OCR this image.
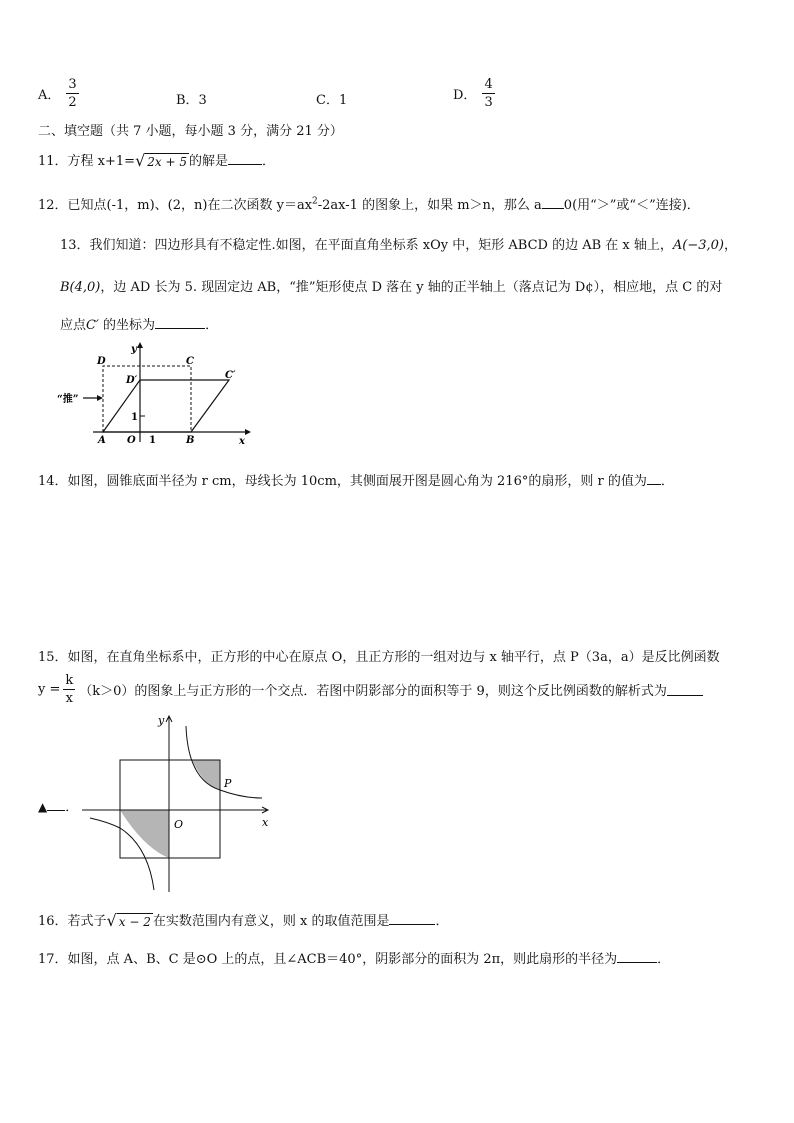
A． $\frac{3}{2}$	B．3	C．1	D． $\frac{4}{3}$
二、填空题（共 7 小题，每小题 3 分，满分 21 分）
11．方程 x+1= √ 2x + 5 的解是	．
12．已知点(-1，m)、(2，n)在二次函数 $y=ax^2-2ax-1$ 的图象上，如果 m＞n，那么 a 0(用“＞”或“＜”连接)．
13．我们知道：四边形具有不稳定性.如图，在平面直角坐标系 xOy 中，矩形 ABCD 的边 AB 在 x 轴上，A(−3,0)，
B(4,0)，边 AD 长为 5. 现固定边 AB，“推”矩形使点 D 落在 y 轴的正半轴上（落点记为 D¢），相应地，点 C 的对
应点C′ 的坐标为	．
“推”
D	C
D′	C′
y
x
A O 1	B
1
14．如图，圆锥底面半径为 r cm，母线长为 10cm，其侧面展开图是圆心角为 216°的扇形，则 r 的值为 ．
15．如图，在直角坐标系中，正方形的中心在原点 O，且正方形的一组对边与 x 轴平行，点 P（3a，a）是反比例函数
$y = \frac{k}{x} (k>0)$的图象上与正方形的一个交点．若图中阴影部分的面积等于 9，则这个反比例函数的解析式为
▲ ．
y
x
O
P
16．若式子 √ x − 2 在实数范围内有意义，则 x 的取值范围是	．
17．如图，点 A、B、C 是⊙O 上的点，且∠ACB＝40°，阴影部分的面积为 2π，则此扇形的半径为	．
